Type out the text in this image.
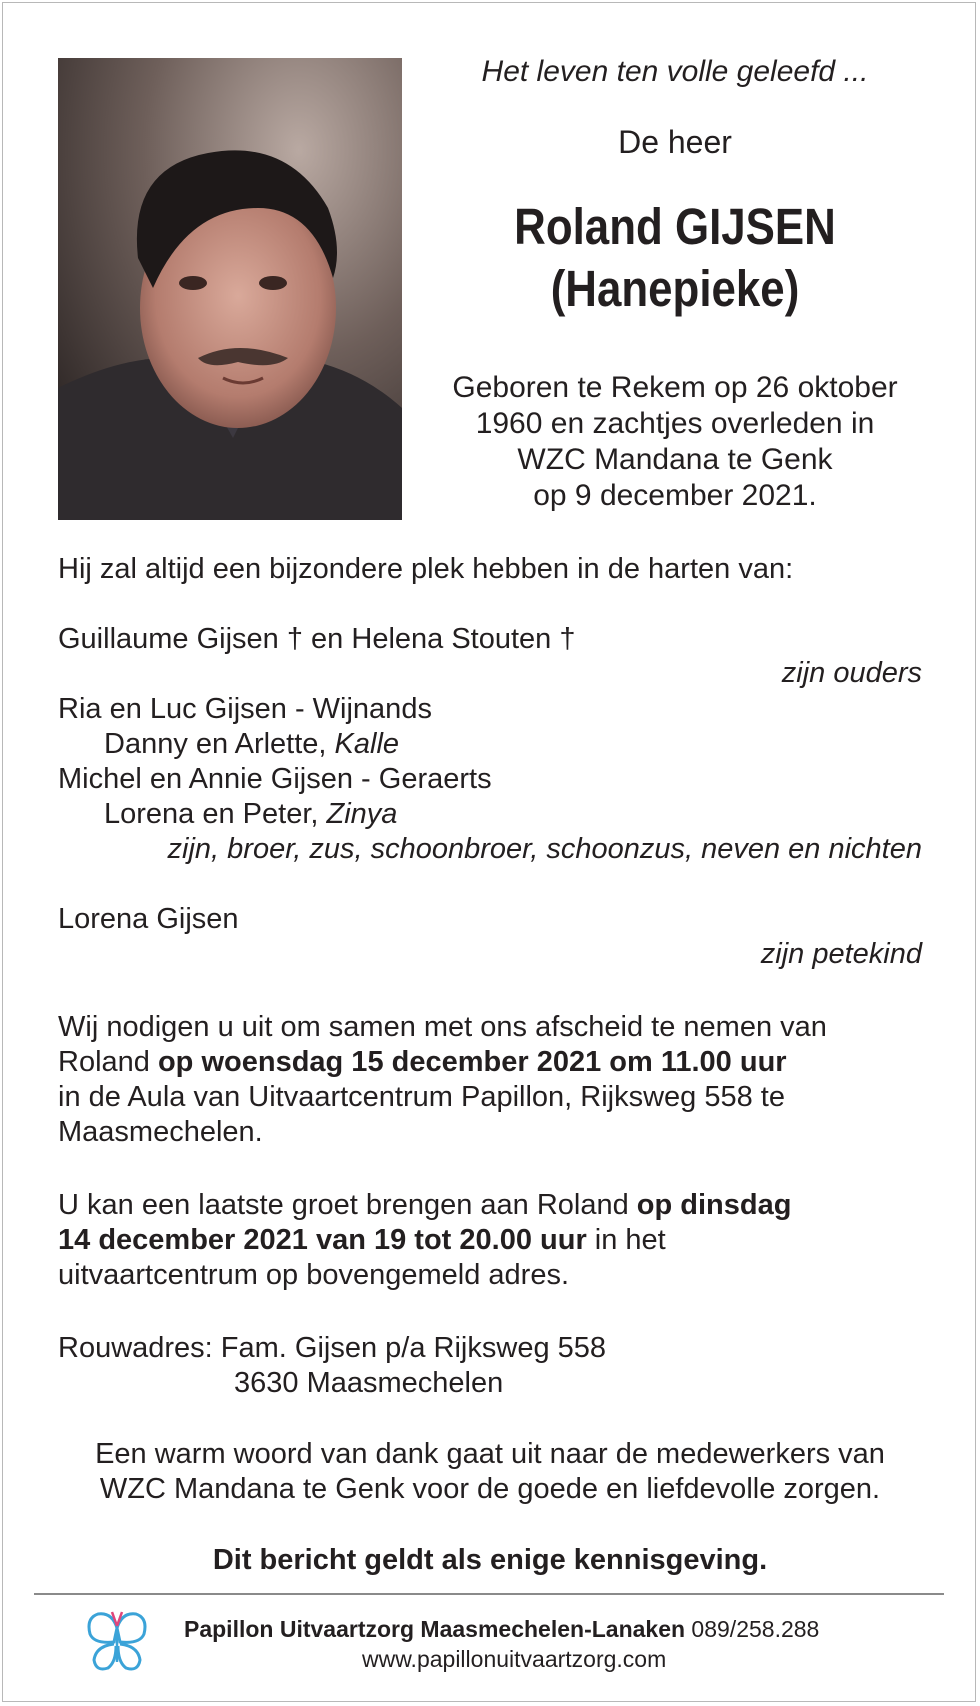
Het leven ten volle geleefd ...
De heer
Roland GIJSEN
(Hanepieke)
Geboren te Rekem op 26 oktober
1960 en zachtjes overleden in
WZC Mandana te Genk
op 9 december 2021.
Hij zal altijd een bijzondere plek hebben in de harten van:
Guillaume Gijsen † en Helena Stouten †
zijn ouders
Ria en Luc Gijsen - Wijnands
Danny en Arlette, Kalle
Michel en Annie Gijsen - Geraerts
Lorena en Peter, Zinya
zijn, broer, zus, schoonbroer, schoonzus, neven en nichten
Lorena Gijsen
zijn petekind
Wij nodigen u uit om samen met ons afscheid te nemen van
Roland op woensdag 15 december 2021 om 11.00 uur
in de Aula van Uitvaartcentrum Papillon, Rijksweg 558 te
Maasmechelen.
U kan een laatste groet brengen aan Roland op dinsdag
14 december 2021 van 19 tot 20.00 uur in het
uitvaartcentrum op bovengemeld adres.
Rouwadres: Fam. Gijsen p/a Rijksweg 558
3630 Maasmechelen
Een warm woord van dank gaat uit naar de medewerkers van
WZC Mandana te Genk voor de goede en liefdevolle zorgen.
Dit bericht geldt als enige kennisgeving.
Papillon Uitvaartzorg Maasmechelen-Lanaken 089/258.288
www.papillonuitvaartzorg.com
